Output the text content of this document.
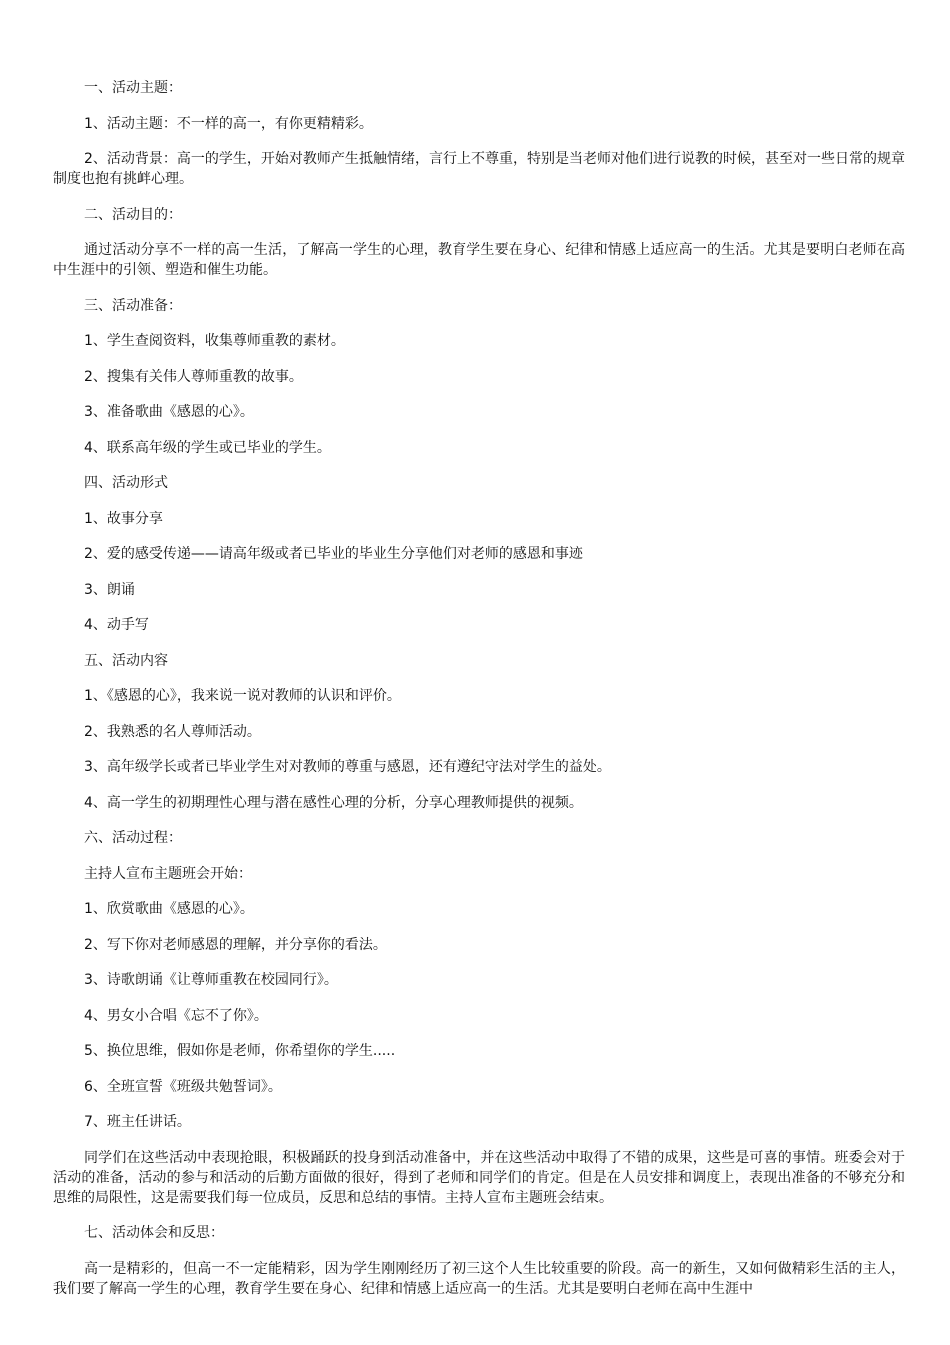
一、活动主题：

1、活动主题：不一样的高一，有你更精精彩。

2、活动背景：高一的学生，开始对教师产生抵触情绪，言行上不尊重，特别是当老师对他们进行说教的时候，甚至对一些日常的规章制度也抱有挑衅心理。

二、活动目的：

通过活动分享不一样的高一生活，了解高一学生的心理，教育学生要在身心、纪律和情感上适应高一的生活。尤其是要明白老师在高中生涯中的引领、塑造和催生功能。

三、活动准备：

1、学生查阅资料，收集尊师重教的素材。

2、搜集有关伟人尊师重教的故事。

3、准备歌曲《感恩的心》。

4、联系高年级的学生或已毕业的学生。

四、活动形式

1、故事分享

2、爱的感受传递——请高年级或者已毕业的毕业生分享他们对老师的感恩和事迹

3、朗诵

4、动手写

五、活动内容

1、《感恩的心》，我来说一说对教师的认识和评价。

2、我熟悉的名人尊师活动。

3、高年级学长或者已毕业学生对对教师的尊重与感恩，还有遵纪守法对学生的益处。

4、高一学生的初期理性心理与潜在感性心理的分析，分享心理教师提供的视频。

六、活动过程：

主持人宣布主题班会开始：

1、欣赏歌曲《感恩的心》。

2、写下你对老师感恩的理解，并分享你的看法。

3、诗歌朗诵《让尊师重教在校园同行》。

4、男女小合唱《忘不了你》。

5、换位思维，假如你是老师，你希望你的学生.....

6、全班宣誓《班级共勉誓词》。

7、班主任讲话。

同学们在这些活动中表现抢眼，积极踊跃的投身到活动准备中，并在这些活动中取得了不错的成果，这些是可喜的事情。班委会对于活动的准备，活动的参与和活动的后勤方面做的很好，得到了老师和同学们的肯定。但是在人员安排和调度上，表现出准备的不够充分和思维的局限性，这是需要我们每一位成员，反思和总结的事情。主持人宣布主题班会结束。

七、活动体会和反思：

高一是精彩的，但高一不一定能精彩，因为学生刚刚经历了初三这个人生比较重要的阶段。高一的新生，又如何做精彩生活的主人，我们要了解高一学生的心理，教育学生要在身心、纪律和情感上适应高一的生活。尤其是要明白老师在高中生涯中
